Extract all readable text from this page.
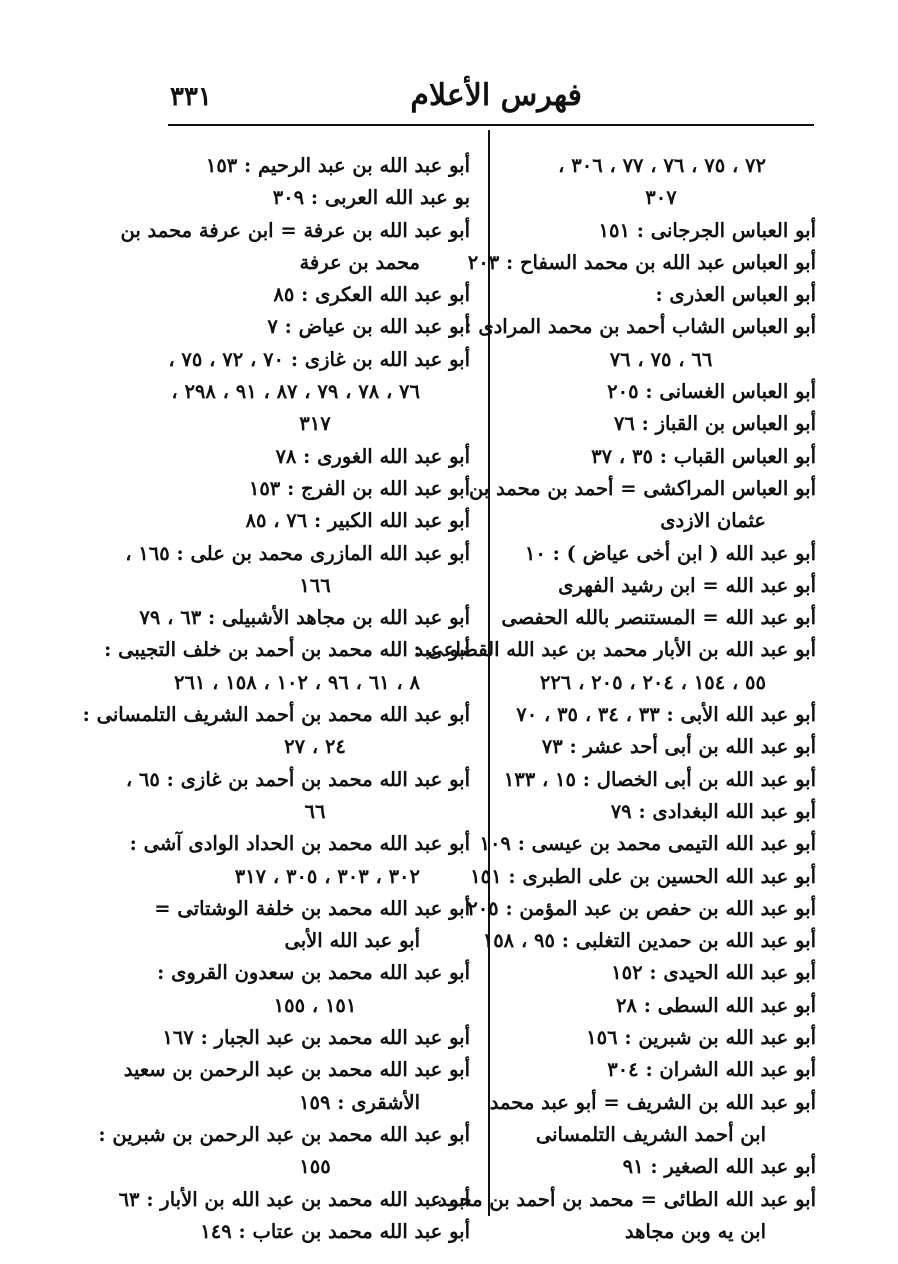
فهرس الأعلام
٣٣١
٧٢ ، ٧٥ ، ٧٦ ، ٧٧ ، ٣٠٦ ،
٣٠٧
أبو العباس الجرجانى : ١٥١
أبو العباس عبد الله بن محمد السفاح : ٢٠٣
أبو العباس العذرى :
أبو العباس الشاب أحمد بن محمد المرادى :
٦٦ ، ٧٥ ، ٧٦
أبو العباس الغسانى : ٢٠٥
أبو العباس بن القباز : ٧٦
أبو العباس القباب : ٣٥ ، ٣٧
أبو العباس المراكشى = أحمد بن محمد بن
عثمان الازدى
أبو عبد الله ( ابن أخى عياض ) : ١٠
أبو عبد الله = ابن رشيد الفهرى
أبو عبد الله = المستنصر بالله الحفصى
أبو عبد الله بن الأبار محمد بن عبد الله القضاعى :
٥٥ ، ١٥٤ ، ٢٠٤ ، ٢٠٥ ، ٢٢٦
أبو عبد الله الأبى : ٣٣ ، ٣٤ ، ٣٥ ، ٧٠
أبو عبد الله بن أبى أحد عشر : ٧٣
أبو عبد الله بن أبى الخصال : ١٥ ، ١٣٣
أبو عبد الله البغدادى : ٧٩
أبو عبد الله التيمى محمد بن عيسى : ١٠٩
أبو عبد الله الحسين بن على الطبرى : ١٥١
أبو عبد الله بن حفص بن عبد المؤمن : ٢٠٥
أبو عبد الله بن حمدين التغلبى : ٩٥ ، ١٥٨
أبو عبد الله الحيدى : ١٥٢
أبو عبد الله السطى : ٢٨
أبو عبد الله بن شبرين : ١٥٦
أبو عبد الله الشران : ٣٠٤
أبو عبد الله بن الشريف = أبو عبد محمد
ابن أحمد الشريف التلمسانى
أبو عبد الله الصغير : ٩١
أبو عبد الله الطائى = محمد بن أحمد بن محمد
ابن يه وبن مجاهد
أبو عبد الله بن عبد الرحيم : ١٥٣
بو عبد الله العربى : ٣٠٩
أبو عبد الله بن عرفة = ابن عرفة محمد بن
محمد بن عرفة
أبو عبد الله العكرى : ٨٥
أبو عبد الله بن عياض : ٧
أبو عبد الله بن غازى : ٧٠ ، ٧٢ ، ٧٥ ،
٧٦ ، ٧٨ ، ٧٩ ، ٨٧ ، ٩١ ، ٢٩٨ ،
٣١٧
أبو عبد الله الغورى : ٧٨
أبو عبد الله بن الفرج : ١٥٣
أبو عبد الله الكبير : ٧٦ ، ٨٥
أبو عبد الله المازرى محمد بن على : ١٦٥ ،
١٦٦
أبو عبد الله بن مجاهد الأشبيلى : ٦٣ ، ٧٩
أبو عبد الله محمد بن أحمد بن خلف التجيبى :
٨ ، ٦١ ، ٩٦ ، ١٠٢ ، ١٥٨ ، ٢٦١
أبو عبد الله محمد بن أحمد الشريف التلمسانى :
٢٤ ، ٢٧
أبو عبد الله محمد بن أحمد بن غازى : ٦٥ ،
٦٦
أبو عبد الله محمد بن الحداد الوادى آشى :
٣٠٢ ، ٣٠٣ ، ٣٠٥ ، ٣١٧
أبو عبد الله محمد بن خلفة الوشتاتى =
أبو عبد الله الأبى
أبو عبد الله محمد بن سعدون القروى :
١٥١ ، ١٥٥
أبو عبد الله محمد بن عبد الجبار : ١٦٧
أبو عبد الله محمد بن عبد الرحمن بن سعيد
الأشقرى : ١٥٩
أبو عبد الله محمد بن عبد الرحمن بن شبرين :
١٥٥
أبو عبد الله محمد بن عبد الله بن الأبار : ٦٣
أبو عبد الله محمد بن عتاب : ١٤٩
